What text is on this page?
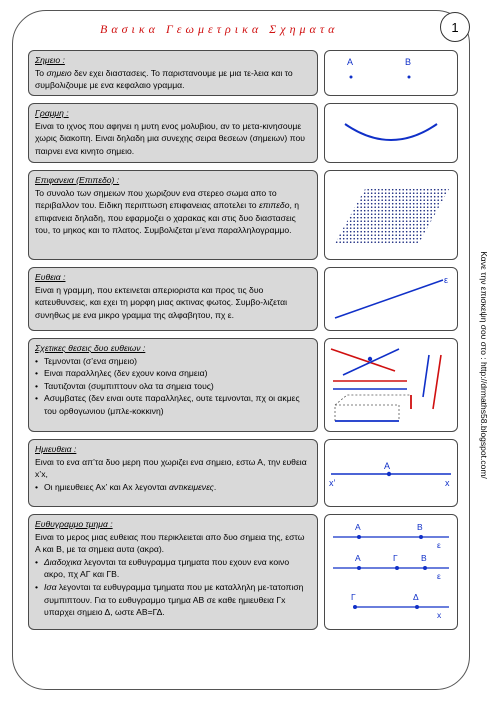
Βασικα Γεωμετρικα Σχηματα	1
Κανε την επισκεψη σου στο : http://drmaths58.blogspot.com/
Σημειο :
Το σημειο δεν εχει διαστασεις. Το παριστανουμε με μια τε-λεια και το συμβολιζουμε με ενα κεφαλαιο γραμμα.
Α	Β
Γραμμη :
Ειναι το ιχνος που αφηνει η μυτη ενος μολυβιου, αν το μετα-κινησουμε χωρις διακοπη. Ειναι δηλαδη μια συνεχης σειρα θεσεων (σημειων) που παιρνει ενα κινητο σημειο.
Επιφανεια (Επιπεδο) :
Το συνολο των σημειων που χωριζουν ενα στερεο σωμα απο το περιβαλλον του. Ειδικη περιπτωση επιφανειας αποτελει το επιπεδο, η επιφανεια δηλαδη, που εφαρμοζει ο χαρακας και στις δυο διαστασεις του, το μηκος και το πλατος. Συμβολιζεται μ’ενα παραλληλογραμμο.
Ευθεια :
Ειναι η γραμμη, που εκτεινεται απεριοριστα και προς τις δυο κατευθυνσεις, και εχει τη μορφη μιας ακτινας φωτος. Συμβο-λιζεται συνηθως με ενα μικρο γραμμα της αλφαβητου, πχ ε.
ε
Σχετικες θεσεις δυο ευθειων :
• Τεμνονται (σ’ενα σημειο)
• Ειναι παραλληλες (δεν εχουν κοινα σημεια)
• Ταυτιζονται (συμπιπτουν ολα τα σημεια τους)
• Ασυμβατες (δεν ειναι ουτε παραλληλες, ουτε τεμνονται, πχ οι ακμες του ορθογωνιου (μπλε-κοκκινη)
Ημιευθεια :
Ειναι το ενα απ’τα δυο μερη που χωριζει ενα σημειο, εστω Α, την ευθεια x’x,
• Οι ημιευθειες Αx’ και Αx λεγονται αντικειμενες.
Α
x’	x
Ευθυγραμμο τμημα :
Ειναι το μερος μιας ευθειας που περικλειεται απο δυο σημεια της, εστω Α και Β, με τα σημεια αυτα (ακρα).
• Διαδοχικα λεγονται τα ευθυγραμμα τμηματα που εχουν ενα κοινο ακρο, πχ ΑΓ και ΓΒ.
• Ισα λεγονται τα ευθυγραμμα τμηματα που με καταλληλη με-τατοπιση συμπιπτουν. Για το ευθυγραμμο τμημα ΑΒ σε καθε ημιευθεια Γx υπαρχει σημειο Δ, ωστε ΑΒ=ΓΔ.
Α	Β
ε
Α	Γ	Β
ε
Γ	Δ
x
